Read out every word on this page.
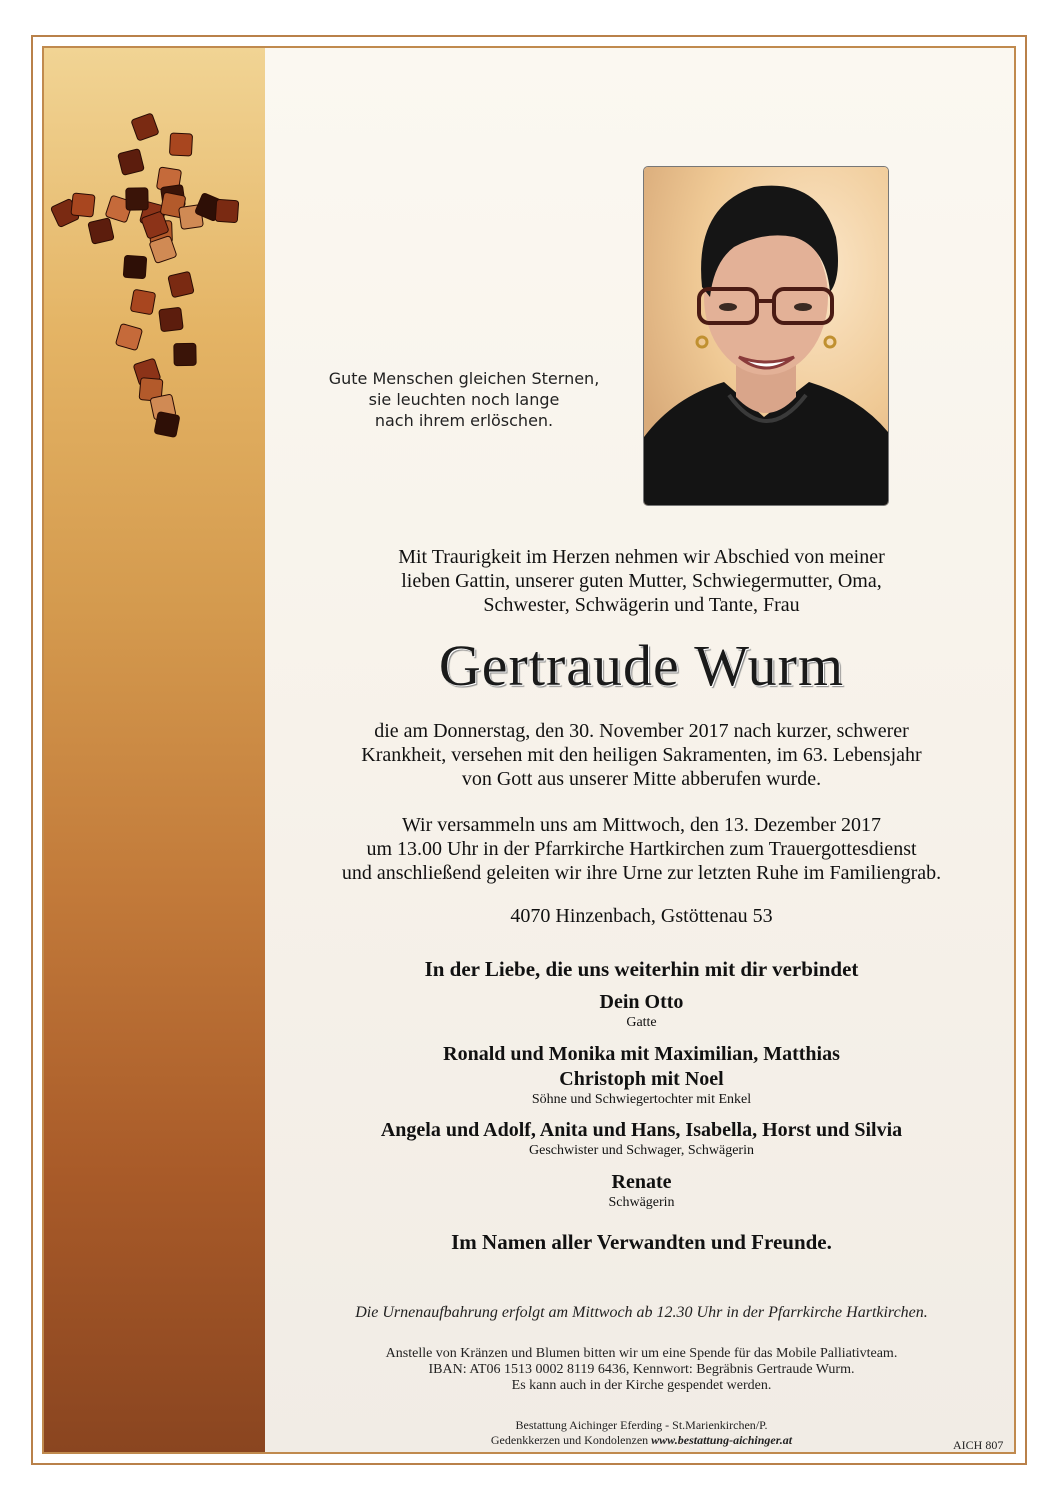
Gute Menschen gleichen Sternen,
sie leuchten noch lange
nach ihrem erlöschen.
Mit Traurigkeit im Herzen nehmen wir Abschied von meiner
lieben Gattin, unserer guten Mutter, Schwiegermutter, Oma,
Schwester, Schwägerin und Tante, Frau
Gertraude Wurm
die am Donnerstag, den 30. November 2017 nach kurzer, schwerer
Krankheit, versehen mit den heiligen Sakramenten, im 63. Lebensjahr
von Gott aus unserer Mitte abberufen wurde.
Wir versammeln uns am Mittwoch, den 13. Dezember 2017
um 13.00 Uhr in der Pfarrkirche Hartkirchen zum Trauergottesdienst
und anschließend geleiten wir ihre Urne zur letzten Ruhe im Familiengrab.
4070 Hinzenbach, Gstöttenau 53
In der Liebe, die uns weiterhin mit dir verbindet
Dein Otto
Gatte
Ronald und Monika mit Maximilian, Matthias
Christoph mit Noel
Söhne und Schwiegertochter mit Enkel
Angela und Adolf, Anita und Hans, Isabella, Horst und Silvia
Geschwister und Schwager, Schwägerin
Renate
Schwägerin
Im Namen aller Verwandten und Freunde.
Die Urnenaufbahrung erfolgt am Mittwoch ab 12.30 Uhr in der Pfarrkirche Hartkirchen.
Anstelle von Kränzen und Blumen bitten wir um eine Spende für das Mobile Palliativteam.
IBAN: AT06 1513 0002 8119 6436, Kennwort: Begräbnis Gertraude Wurm.
Es kann auch in der Kirche gespendet werden.
Bestattung Aichinger Eferding - St.Marienkirchen/P.
Gedenkkerzen und Kondolenzen www.bestattung-aichinger.at	AICH 807
